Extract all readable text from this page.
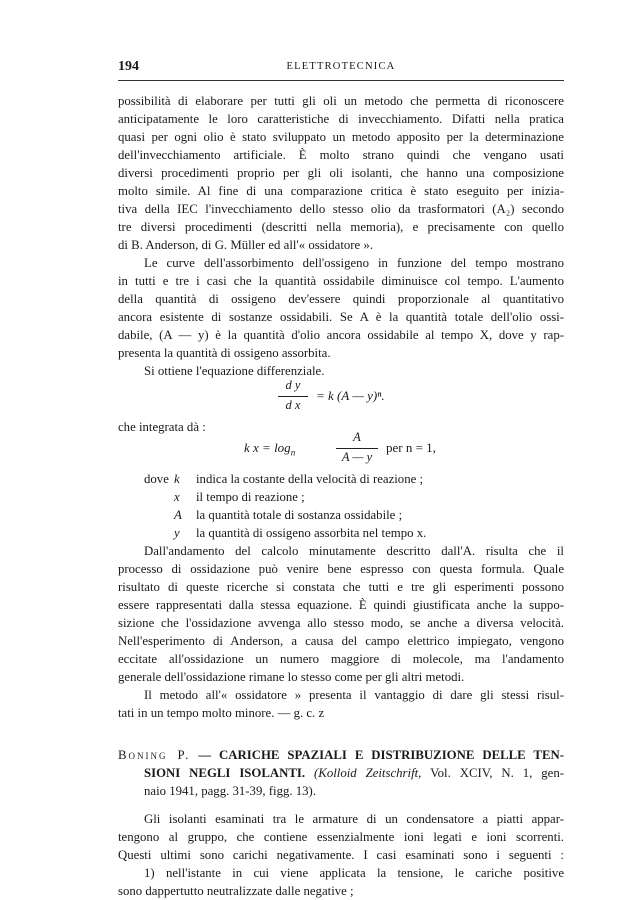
194	ELETTROTECNICA
possibilità di elaborare per tutti gli oli un metodo che permetta di riconoscere
anticipatamente le loro caratteristiche di invecchiamento. Difatti nella pratica
quasi per ogni olio è stato sviluppato un metodo apposito per la determinazione
dell'invecchiamento artificiale. È molto strano quindi che vengano usati
diversi procedimenti proprio per gli oli isolanti, che hanno una composizione
molto simile. Al fine di una comparazione critica è stato eseguito per inizia-
tiva della IEC l'invecchiamento dello stesso olio da trasformatori (A₂) secondo
tre diversi procedimenti (descritti nella memoria), e precisamente con quello
di B. Anderson, di G. Müller ed all'« ossidatore ».
Le curve dell'assorbimento dell'ossigeno in funzione del tempo mostrano
in tutti e tre i casi che la quantità ossidabile diminuisce col tempo. L'aumento
della quantità di ossigeno dev'essere quindi proporzionale al quantitativo
ancora esistente di sostanze ossidabili. Se A è la quantità totale dell'olio ossi-
dabile, (A — y) è la quantità d'olio ancora ossidabile al tempo X, dove y rap-
presenta la quantità di ossigeno assorbita.
Si ottiene l'equazione differenziale.
d y
d x
= k (A — y)ⁿ.
che integrata dà :
k $x = \log_n$
A
A — y
per n = 1,
dove k indica la costante della velocità di reazione ;
x il tempo di reazione ;
A la quantità totale di sostanza ossidabile ;
y la quantità di ossigeno assorbita nel tempo x.
Dall'andamento del calcolo minutamente descritto dall'A. risulta che il
processo di ossidazione può venire bene espresso con questa formula. Quale
risultato di queste ricerche si constata che tutti e tre gli esperimenti possono
essere rappresentati dalla stessa equazione. È quindi giustificata anche la suppo-
sizione che l'ossidazione avvenga allo stesso modo, se anche a diversa velocità.
Nell'esperimento di Anderson, a causa del campo elettrico impiegato, vengono
eccitate all'ossidazione un numero maggiore di molecole, ma l'andamento
generale dell'ossidazione rimane lo stesso come per gli altri metodi.
Il metodo all'« ossidatore » presenta il vantaggio di dare gli stessi risul-
tati in un tempo molto minore. — g. c. z
Boning P. — CARICHE SPAZIALI E DISTRIBUZIONE DELLE TEN-
SIONI NEGLI ISOLANTI. (Kolloid Zeitschrift, Vol. XCIV, N. 1, gen-
naio 1941, pagg. 31-39, figg. 13).
Gli isolanti esaminati tra le armature di un condensatore a piatti appar-
tengono al gruppo, che contiene essenzialmente ioni legati e ioni scorrenti.
Questi ultimi sono carichi negativamente. I casi esaminati sono i seguenti :
1) nell'istante in cui viene applicata la tensione, le cariche positive
sono dappertutto neutralizzate dalle negative ;
